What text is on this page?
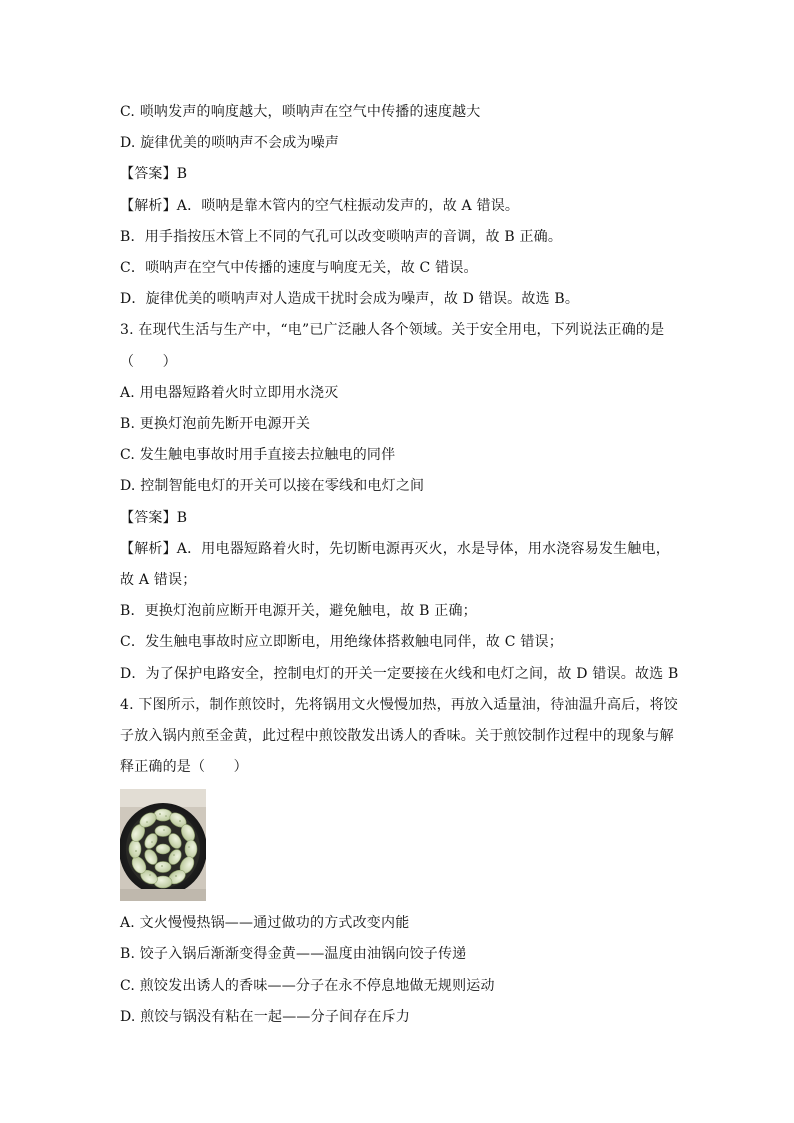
C. 唢呐发声的响度越大，唢呐声在空气中传播的速度越大
D. 旋律优美的唢呐声不会成为噪声
【答案】B
【解析】A．唢呐是靠木管内的空气柱振动发声的，故 A 错误。
B．用手指按压木管上不同的气孔可以改变唢呐声的音调，故 B 正确。
C．唢呐声在空气中传播的速度与响度无关，故 C 错误。
D．旋律优美的唢呐声对人造成干扰时会成为噪声，故 D 错误。故选 B。
3. 在现代生活与生产中，“电”已广泛融人各个领域。关于安全用电，下列说法正确的是
（　　）
A. 用电器短路着火时立即用水浇灭
B. 更换灯泡前先断开电源开关
C. 发生触电事故时用手直接去拉触电的同伴
D. 控制智能电灯的开关可以接在零线和电灯之间
【答案】B
【解析】A．用电器短路着火时，先切断电源再灭火，水是导体，用水浇容易发生触电，
故 A 错误；
B．更换灯泡前应断开电源开关，避免触电，故 B 正确；
C．发生触电事故时应立即断电，用绝缘体搭救触电同伴，故 C 错误；
D．为了保护电路安全，控制电灯的开关一定要接在火线和电灯之间，故 D 错误。故选 B
4. 下图所示，制作煎饺时，先将锅用文火慢慢加热，再放入适量油，待油温升高后，将饺
子放入锅内煎至金黄，此过程中煎饺散发出诱人的香味。关于煎饺制作过程中的现象与解
释正确的是（　　）
A. 文火慢慢热锅——通过做功的方式改变内能
B. 饺子入锅后渐渐变得金黄——温度由油锅向饺子传递
C. 煎饺发出诱人的香味——分子在永不停息地做无规则运动
D. 煎饺与锅没有粘在一起——分子间存在斥力
